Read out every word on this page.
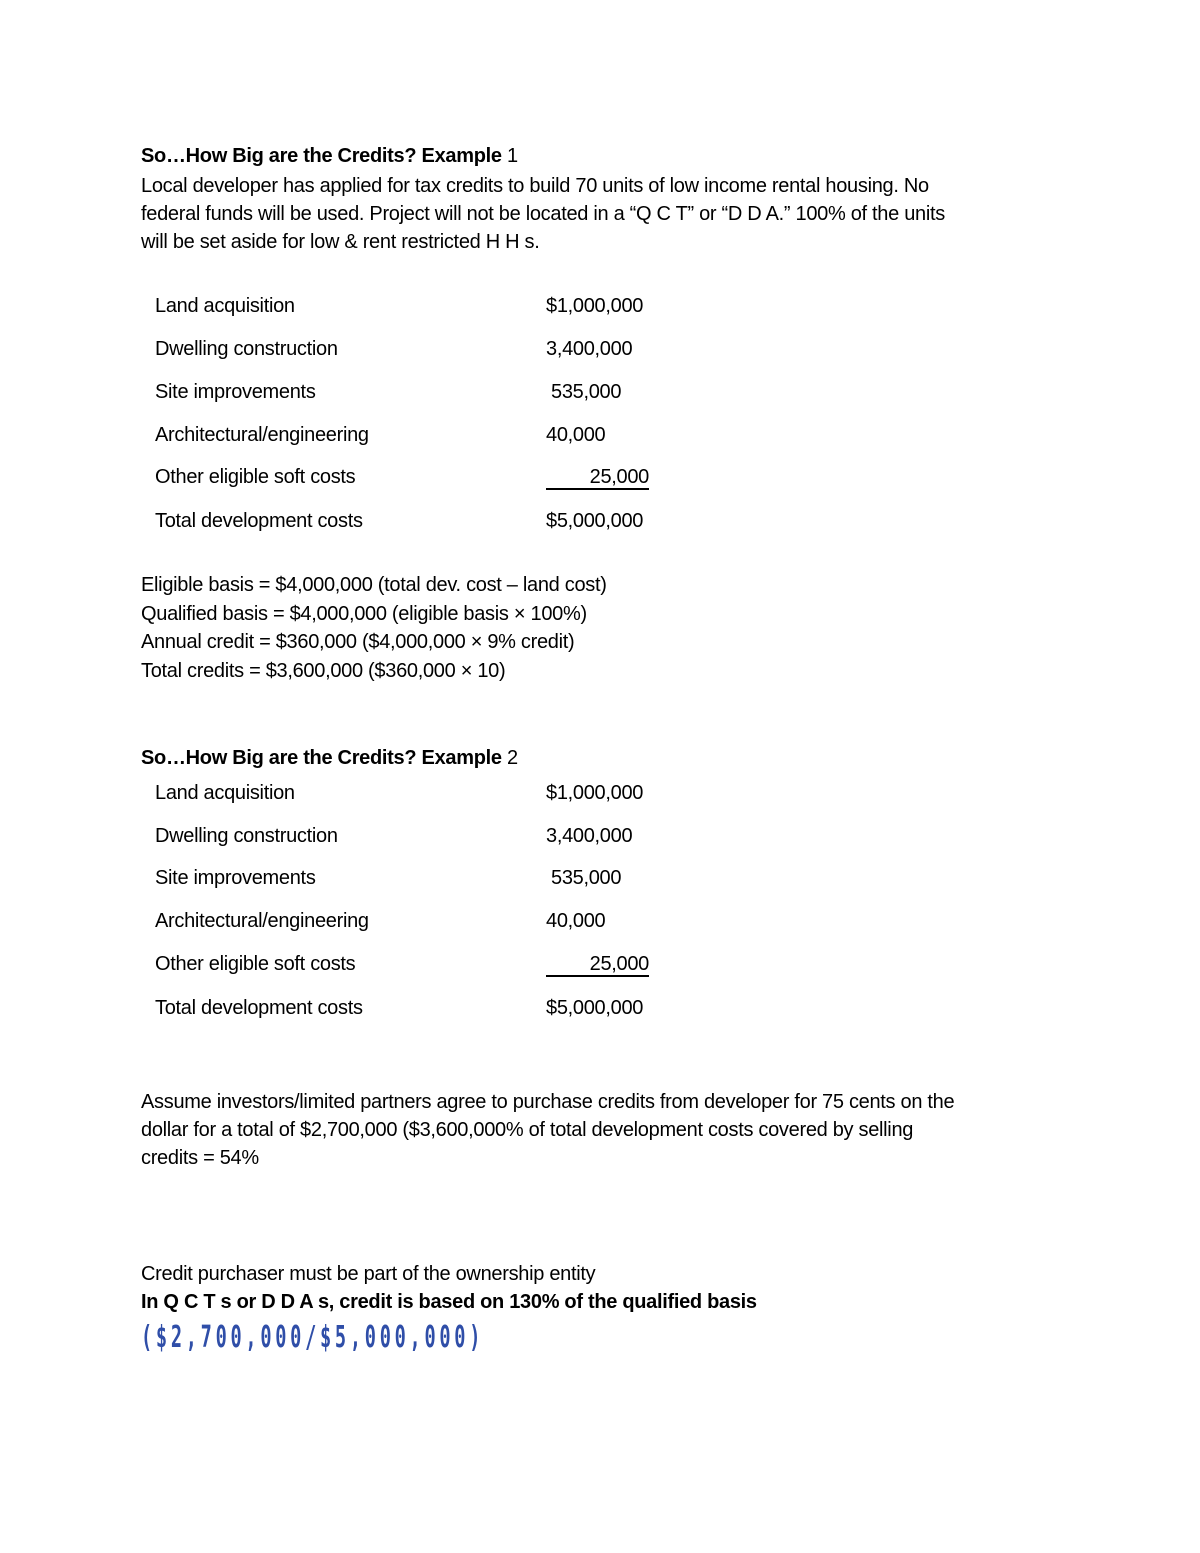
So…How Big are the Credits? Example 1
Local developer has applied for tax credits to build 70 units of low income rental housing. No
federal funds will be used. Project will not be located in a “Q C T” or “D D A.” 100% of the units
will be set aside for low & rent restricted H H s.
Land acquisition	$1,000,000
Dwelling construction	3,400,000
Site improvements	535,000
Architectural/engineering	40,000
Other eligible soft costs	25,000
Total development costs	$5,000,000
Eligible basis = $4,000,000 (total dev. cost – land cost)
Qualified basis = $4,000,000 (eligible basis × 100%)
Annual credit = $360,000 ($4,000,000 × 9% credit)
Total credits = $3,600,000 ($360,000 × 10)
So…How Big are the Credits? Example 2
Land acquisition	$1,000,000
Dwelling construction	3,400,000
Site improvements	535,000
Architectural/engineering	40,000
Other eligible soft costs	25,000
Total development costs	$5,000,000
Assume investors/limited partners agree to purchase credits from developer for 75 cents on the
dollar for a total of $2,700,000 ($3,600,000% of total development costs covered by selling
credits = 54%
Credit purchaser must be part of the ownership entity
In Q C T s or D D A s, credit is based on 130% of the qualified basis
($2,700,000/$5,000,000)
